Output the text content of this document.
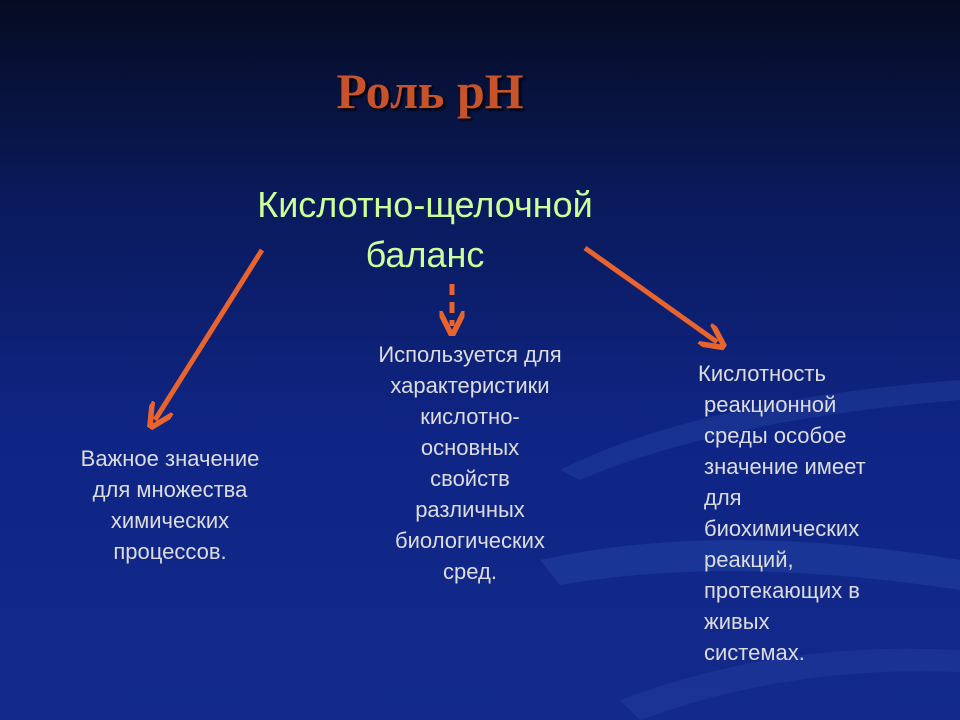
Роль рН
Кислотно-щелочной
баланс
Важное значение
для множества
химических
процессов.
Используется для
характеристики
кислотно-
основных
свойств
различных
биологических
сред.
Кислотность
реакционной
среды особое
значение имеет
для
биохимических
реакций,
протекающих в
живых
системах.
